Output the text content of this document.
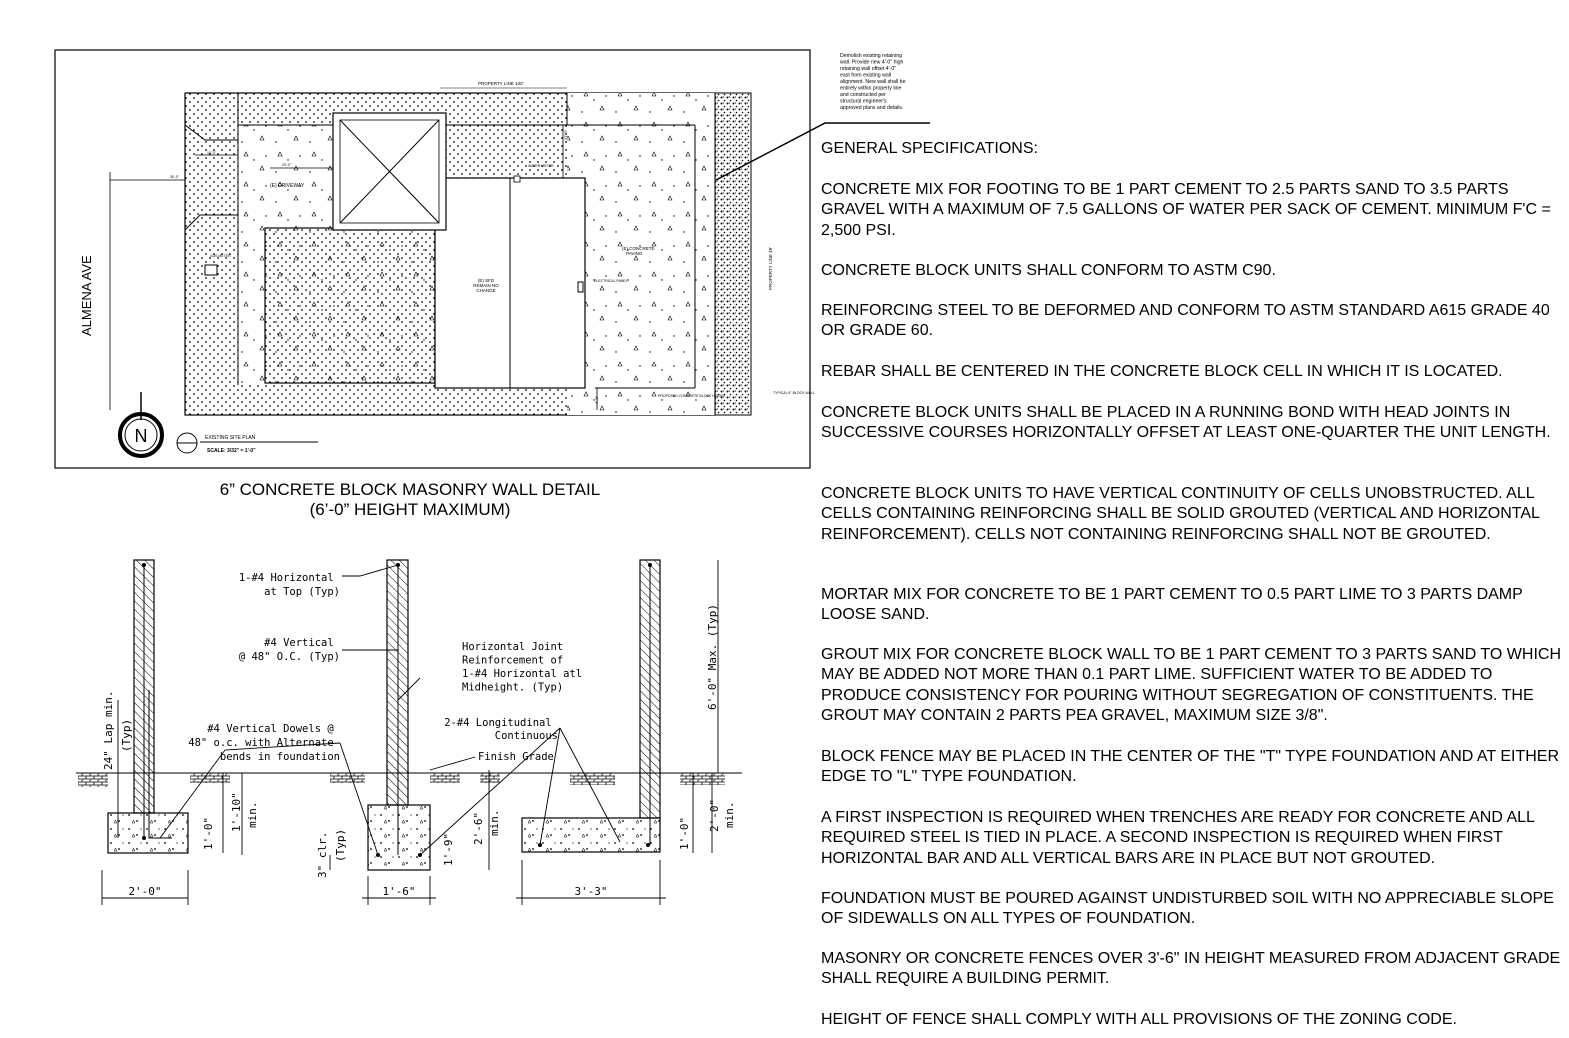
ALMENA AVE
PROPERTY LINE 100'
PROPERTY LINE 48'
(E) DRIVEWAY
(E) SFD REMAIN NO CHANGE
(E) CONCRETE PAVING
GAS METER
ELECTRICAL PANEL
WATER METER
PROPOSED CONCRETE BLOCK HEIGHT
TYPICAL 6" BLOCK WALL
10'-0"
20'-0"
30'-0"
17'-0"
4'-0"
N	EXISTING SITE PLAN
SCALE: 3/32" = 1'-0"
Demolish existing retaining wall. Provide new 4'-0" high retaining wall offset 4'-0" east from existing wall alignment. New wall shall be entirely within property line and constructed per structural engineer's approved plans and details.
6” CONCRETE BLOCK MASONRY WALL DETAIL
(6’-0” HEIGHT MAXIMUM)
1-#4 Horizontal at Top (Typ)
#4 Vertical @ 48" O.C. (Typ)
Horizontal Joint Reinforcement of 1-#4 Horizontal atl Midheight. (Typ)
#4 Vertical Dowels @ 48" o.c. with Alternate bends in foundation
2-#4 Longitudinal Continuous
Finish Grade
24" Lap min. (Typ)
1'-10" min.
1'-0"	3" clr. (Typ)	1'-9"
2'-6" min.	1'-0"
2'-0" min.
6'-0" Max. (Typ)
2'-0"	1'-6"	3'-3"

GENERAL SPECIFICATIONS:

CONCRETE MIX FOR FOOTING TO BE 1 PART CEMENT TO 2.5 PARTS SAND TO 3.5 PARTS GRAVEL WITH A MAXIMUM OF 7.5 GALLONS OF WATER PER SACK OF CEMENT. MINIMUM F'C = 2,500 PSI.

CONCRETE BLOCK UNITS SHALL CONFORM TO ASTM C90.

REINFORCING STEEL TO BE DEFORMED AND CONFORM TO ASTM STANDARD A615 GRADE 40 OR GRADE 60.

REBAR SHALL BE CENTERED IN THE CONCRETE BLOCK CELL IN WHICH IT IS LOCATED.

CONCRETE BLOCK UNITS SHALL BE PLACED IN A RUNNING BOND WITH HEAD JOINTS IN SUCCESSIVE COURSES HORIZONTALLY OFFSET AT LEAST ONE-QUARTER THE UNIT LENGTH.

CONCRETE BLOCK UNITS TO HAVE VERTICAL CONTINUITY OF CELLS UNOBSTRUCTED. ALL CELLS CONTAINING REINFORCING SHALL BE SOLID GROUTED (VERTICAL AND HORIZONTAL REINFORCEMENT). CELLS NOT CONTAINING REINFORCING SHALL NOT BE GROUTED.

MORTAR MIX FOR CONCRETE TO BE 1 PART CEMENT TO 0.5 PART LIME TO 3 PARTS DAMP LOOSE SAND.

GROUT MIX FOR CONCRETE BLOCK WALL TO BE 1 PART CEMENT TO 3 PARTS SAND TO WHICH MAY BE ADDED NOT MORE THAN 0.1 PART LIME. SUFFICIENT WATER TO BE ADDED TO PRODUCE CONSISTENCY FOR POURING WITHOUT SEGREGATION OF CONSTITUENTS. THE GROUT MAY CONTAIN 2 PARTS PEA GRAVEL, MAXIMUM SIZE 3/8".

BLOCK FENCE MAY BE PLACED IN THE CENTER OF THE "T" TYPE FOUNDATION AND AT EITHER EDGE TO "L" TYPE FOUNDATION.

A FIRST INSPECTION IS REQUIRED WHEN TRENCHES ARE READY FOR CONCRETE AND ALL REQUIRED STEEL IS TIED IN PLACE. A SECOND INSPECTION IS REQUIRED WHEN FIRST HORIZONTAL BAR AND ALL VERTICAL BARS ARE IN PLACE BUT NOT GROUTED.

FOUNDATION MUST BE POURED AGAINST UNDISTURBED SOIL WITH NO APPRECIABLE SLOPE OF SIDEWALLS ON ALL TYPES OF FOUNDATION.

MASONRY OR CONCRETE FENCES OVER 3'-6" IN HEIGHT MEASURED FROM ADJACENT GRADE SHALL REQUIRE A BUILDING PERMIT.

HEIGHT OF FENCE SHALL COMPLY WITH ALL PROVISIONS OF THE ZONING CODE.
